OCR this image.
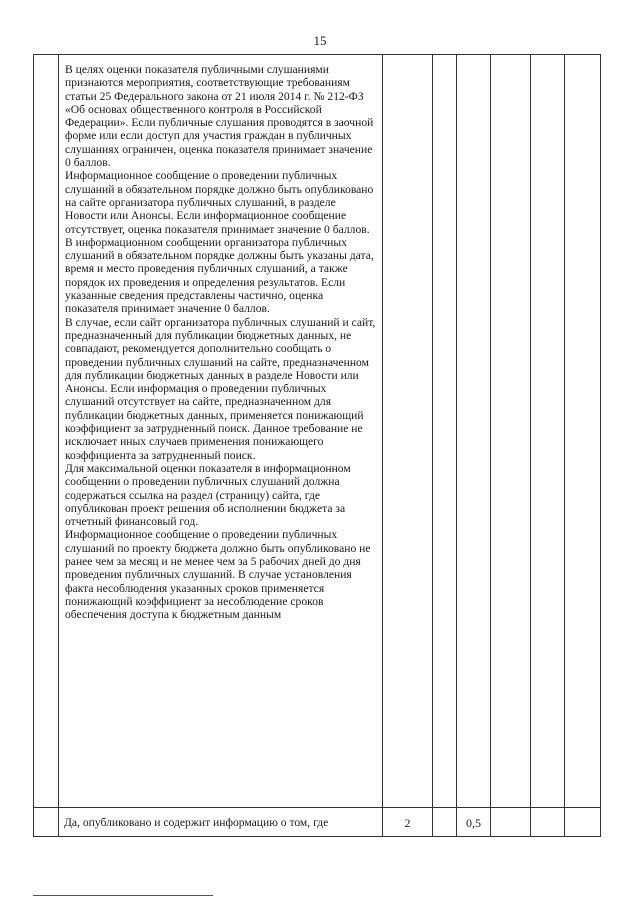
15

	В целях оценки показателя публичными слушаниями признаются мероприятия, соответствующие требованиям статьи 25 Федерального закона от 21 июля 2014 г. № 212-ФЗ «Об основах общественного контроля в Российской Федерации». Если публичные слушания проводятся в заочной форме или если доступ для участия граждан в публичных слушаниях ограничен, оценка показателя принимает значение 0 баллов.

Информационное сообщение о проведении публичных слушаний в обязательном порядке должно быть опубликовано на сайте организатора публичных слушаний, в разделе Новости или Анонсы. Если информационное сообщение отсутствует, оценка показателя принимает значение 0 баллов. В информационном сообщении организатора публичных слушаний в обязательном порядке должны быть указаны дата, время и место проведения публичных слушаний, а также порядок их проведения и определения результатов. Если указанные сведения представлены частично, оценка показателя принимает значение 0 баллов.

В случае, если сайт организатора публичных слушаний и сайт, предназначенный для публикации бюджетных данных, не совпадают, рекомендуется дополнительно сообщать о проведении публичных слушаний на сайте, предназначенном для публикации бюджетных данных в разделе Новости или Анонсы. Если информация о проведении публичных слушаний отсутствует на сайте, предназначенном для публикации бюджетных данных, применяется понижающий коэффициент за затрудненный поиск. Данное требование не исключает иных случаев применения понижающего коэффициента за затрудненный поиск.

Для максимальной оценки показателя в информационном сообщении о проведении публичных слушаний должна содержаться ссылка на раздел (страницу) сайта, где опубликован проект решения об исполнении бюджета за отчетный финансовый год.

Информационное сообщение о проведении публичных слушаний по проекту бюджета должно быть опубликовано не ранее чем за месяц и не менее чем за 5 рабочих дней до дня проведения публичных слушаний. В случае установления факта несоблюдения указанных сроков применяется понижающий коэффициент за несоблюдение сроков обеспечения доступа к бюджетным данным						

	Да, опубликовано и содержит информацию о том, где	2		0,5			
